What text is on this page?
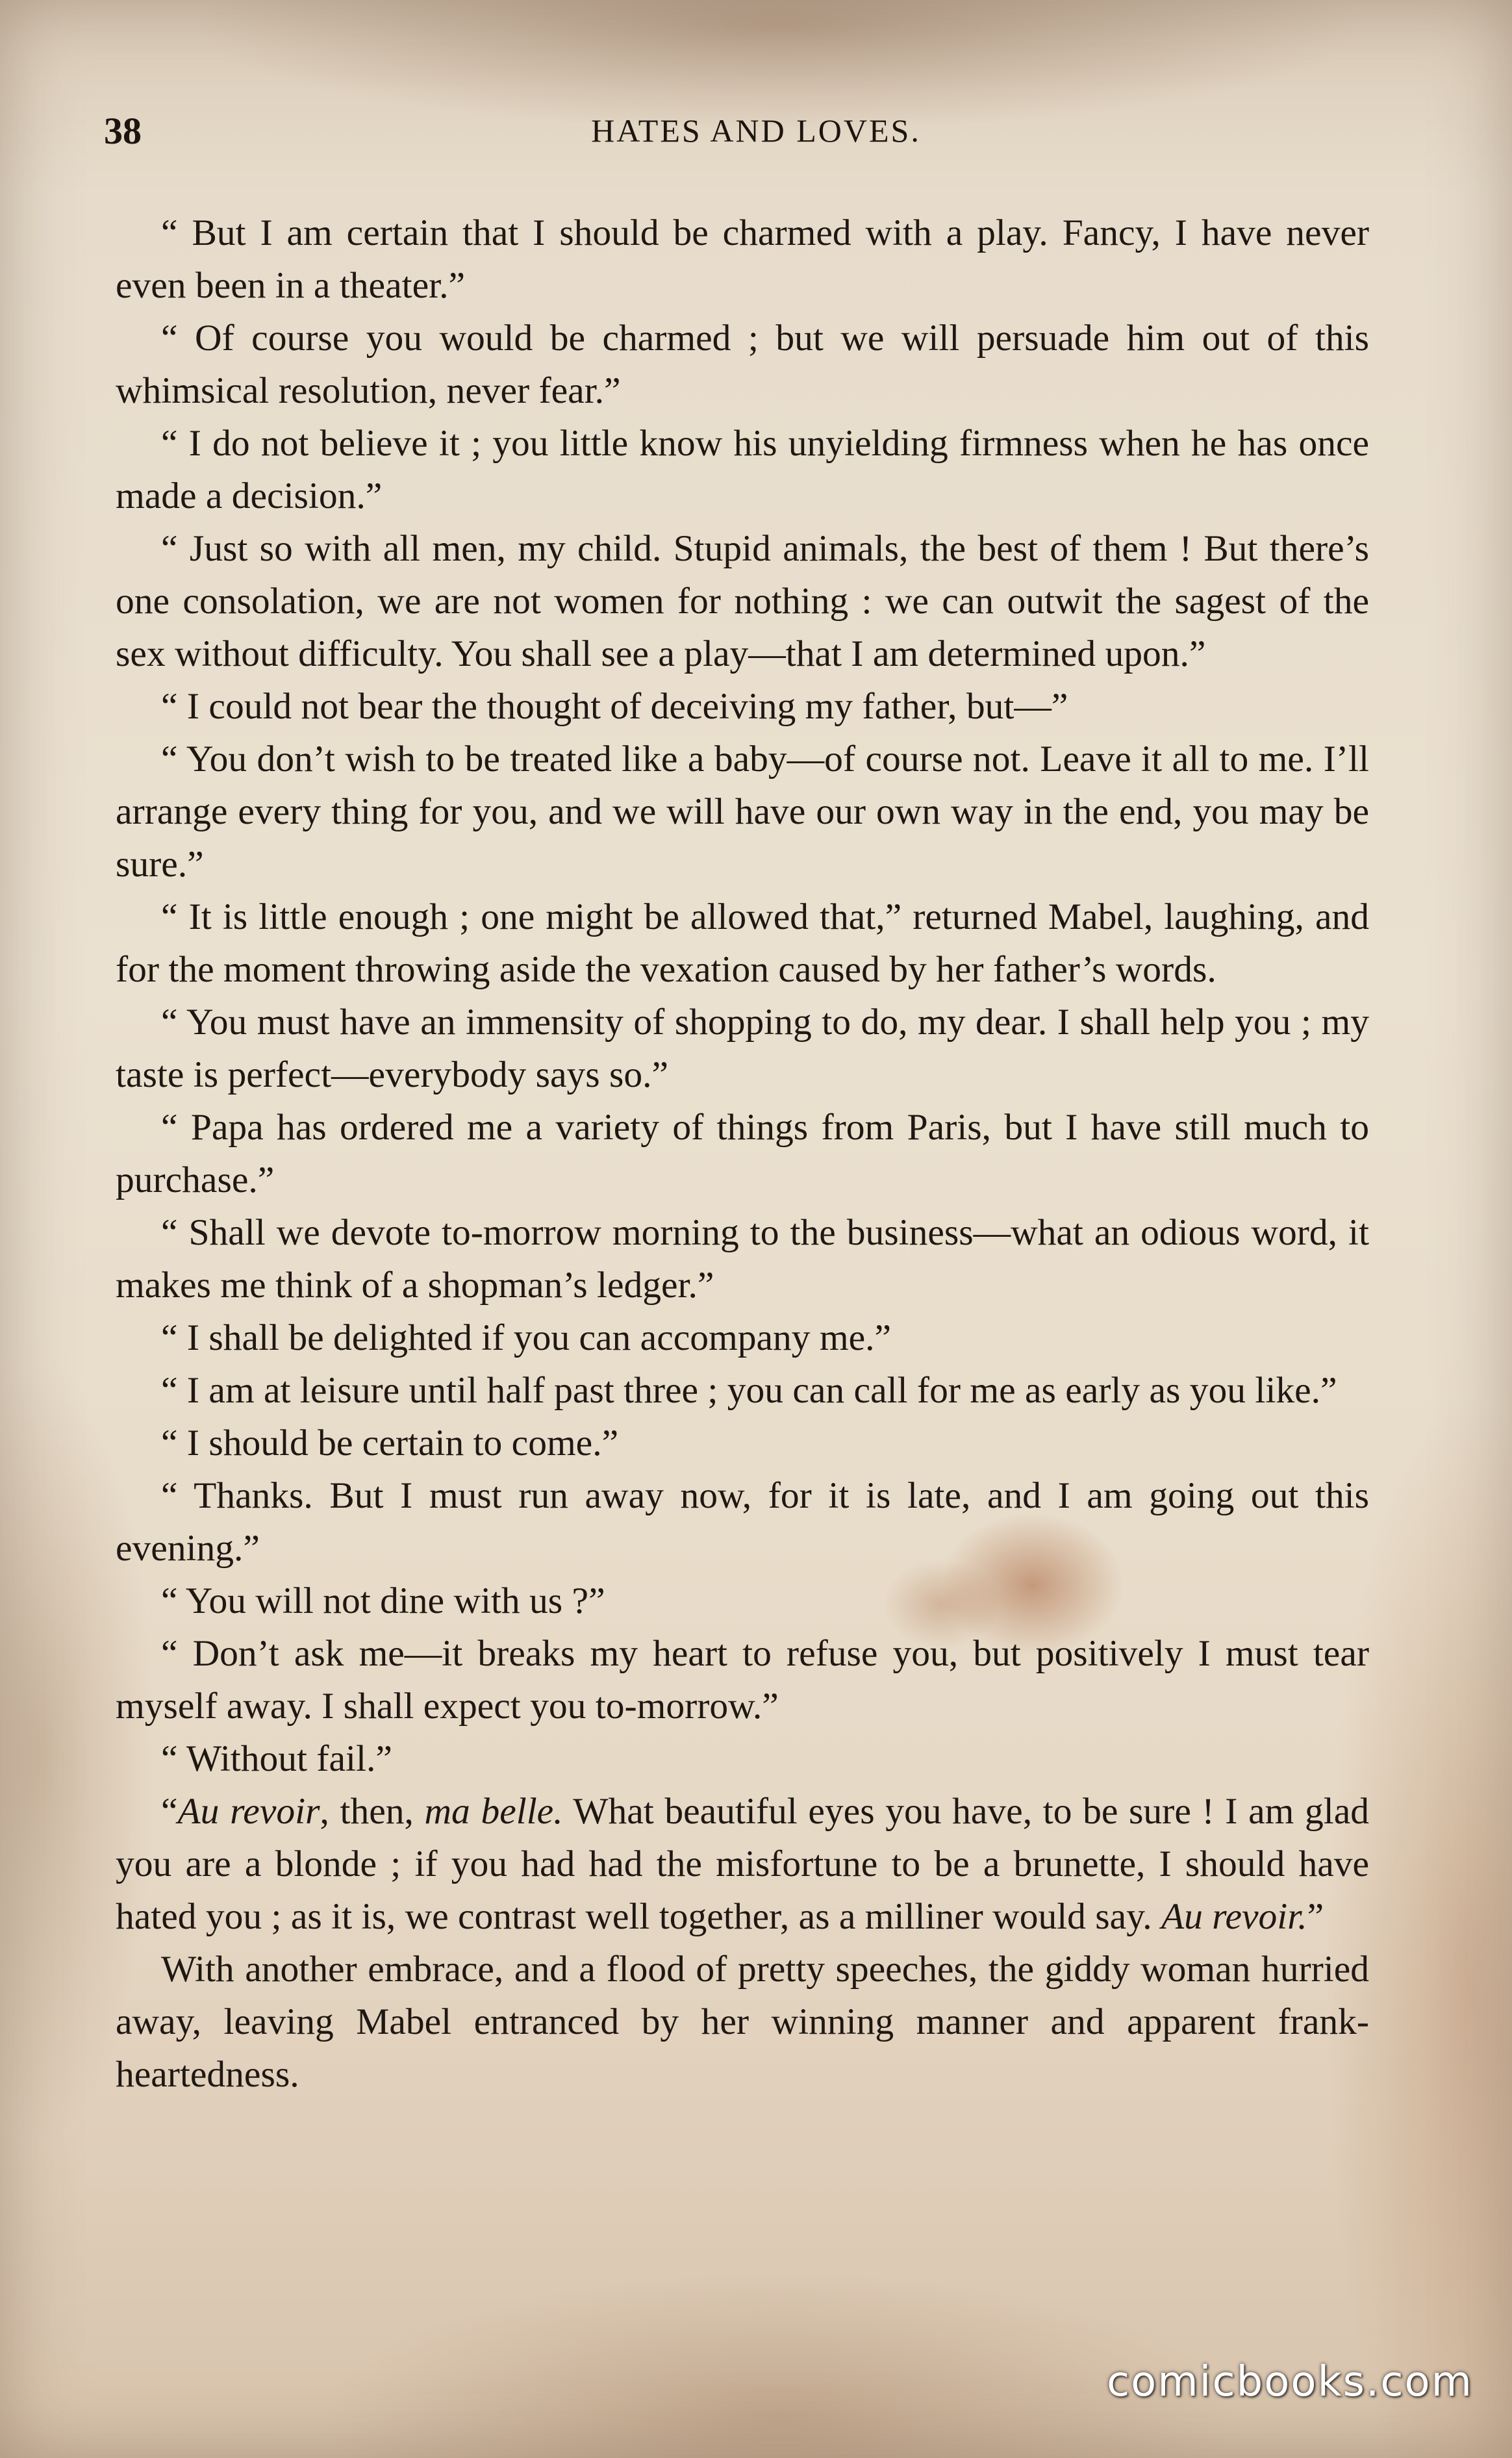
38	HATES AND LOVES.

“ But I am certain that I should be charmed with a play. Fancy, I have never even been in a theater.”

“ Of course you would be charmed ; but we will persuade him out of this whimsical resolution, never fear.”

“ I do not believe it ; you little know his unyielding firmness when he has once made a decision.”

“ Just so with all men, my child. Stupid animals, the best of them ! But there’s one consolation, we are not women for nothing : we can outwit the sagest of the sex without difficulty. You shall see a play—that I am determined upon.”

“ I could not bear the thought of deceiving my father, but—”

“ You don’t wish to be treated like a baby—of course not. Leave it all to me. I’ll arrange every thing for you, and we will have our own way in the end, you may be sure.”

“ It is little enough ; one might be allowed that,” returned Mabel, laughing, and for the moment throwing aside the vexation caused by her father’s words.

“ You must have an immensity of shopping to do, my dear. I shall help you ; my taste is perfect—everybody says so.”

“ Papa has ordered me a variety of things from Paris, but I have still much to purchase.”

“ Shall we devote to-morrow morning to the business—what an odious word, it makes me think of a shopman’s ledger.”

“ I shall be delighted if you can accompany me.”

“ I am at leisure until half past three ; you can call for me as early as you like.”

“ I should be certain to come.”

“ Thanks. But I must run away now, for it is late, and I am going out this evening.”

“ You will not dine with us ?”

“ Don’t ask me—it breaks my heart to refuse you, but positively I must tear myself away. I shall expect you to-morrow.”

“ Without fail.”

“Au revoir, then, ma belle. What beautiful eyes you have, to be sure ! I am glad you are a blonde ; if you had had the misfortune to be a brunette, I should have hated you ; as it is, we contrast well together, as a milliner would say. Au revoir.”

With another embrace, and a flood of pretty speeches, the giddy woman hurried away, leaving Mabel entranced by her winning manner and apparent frank-heartedness.

comicbooks.com
